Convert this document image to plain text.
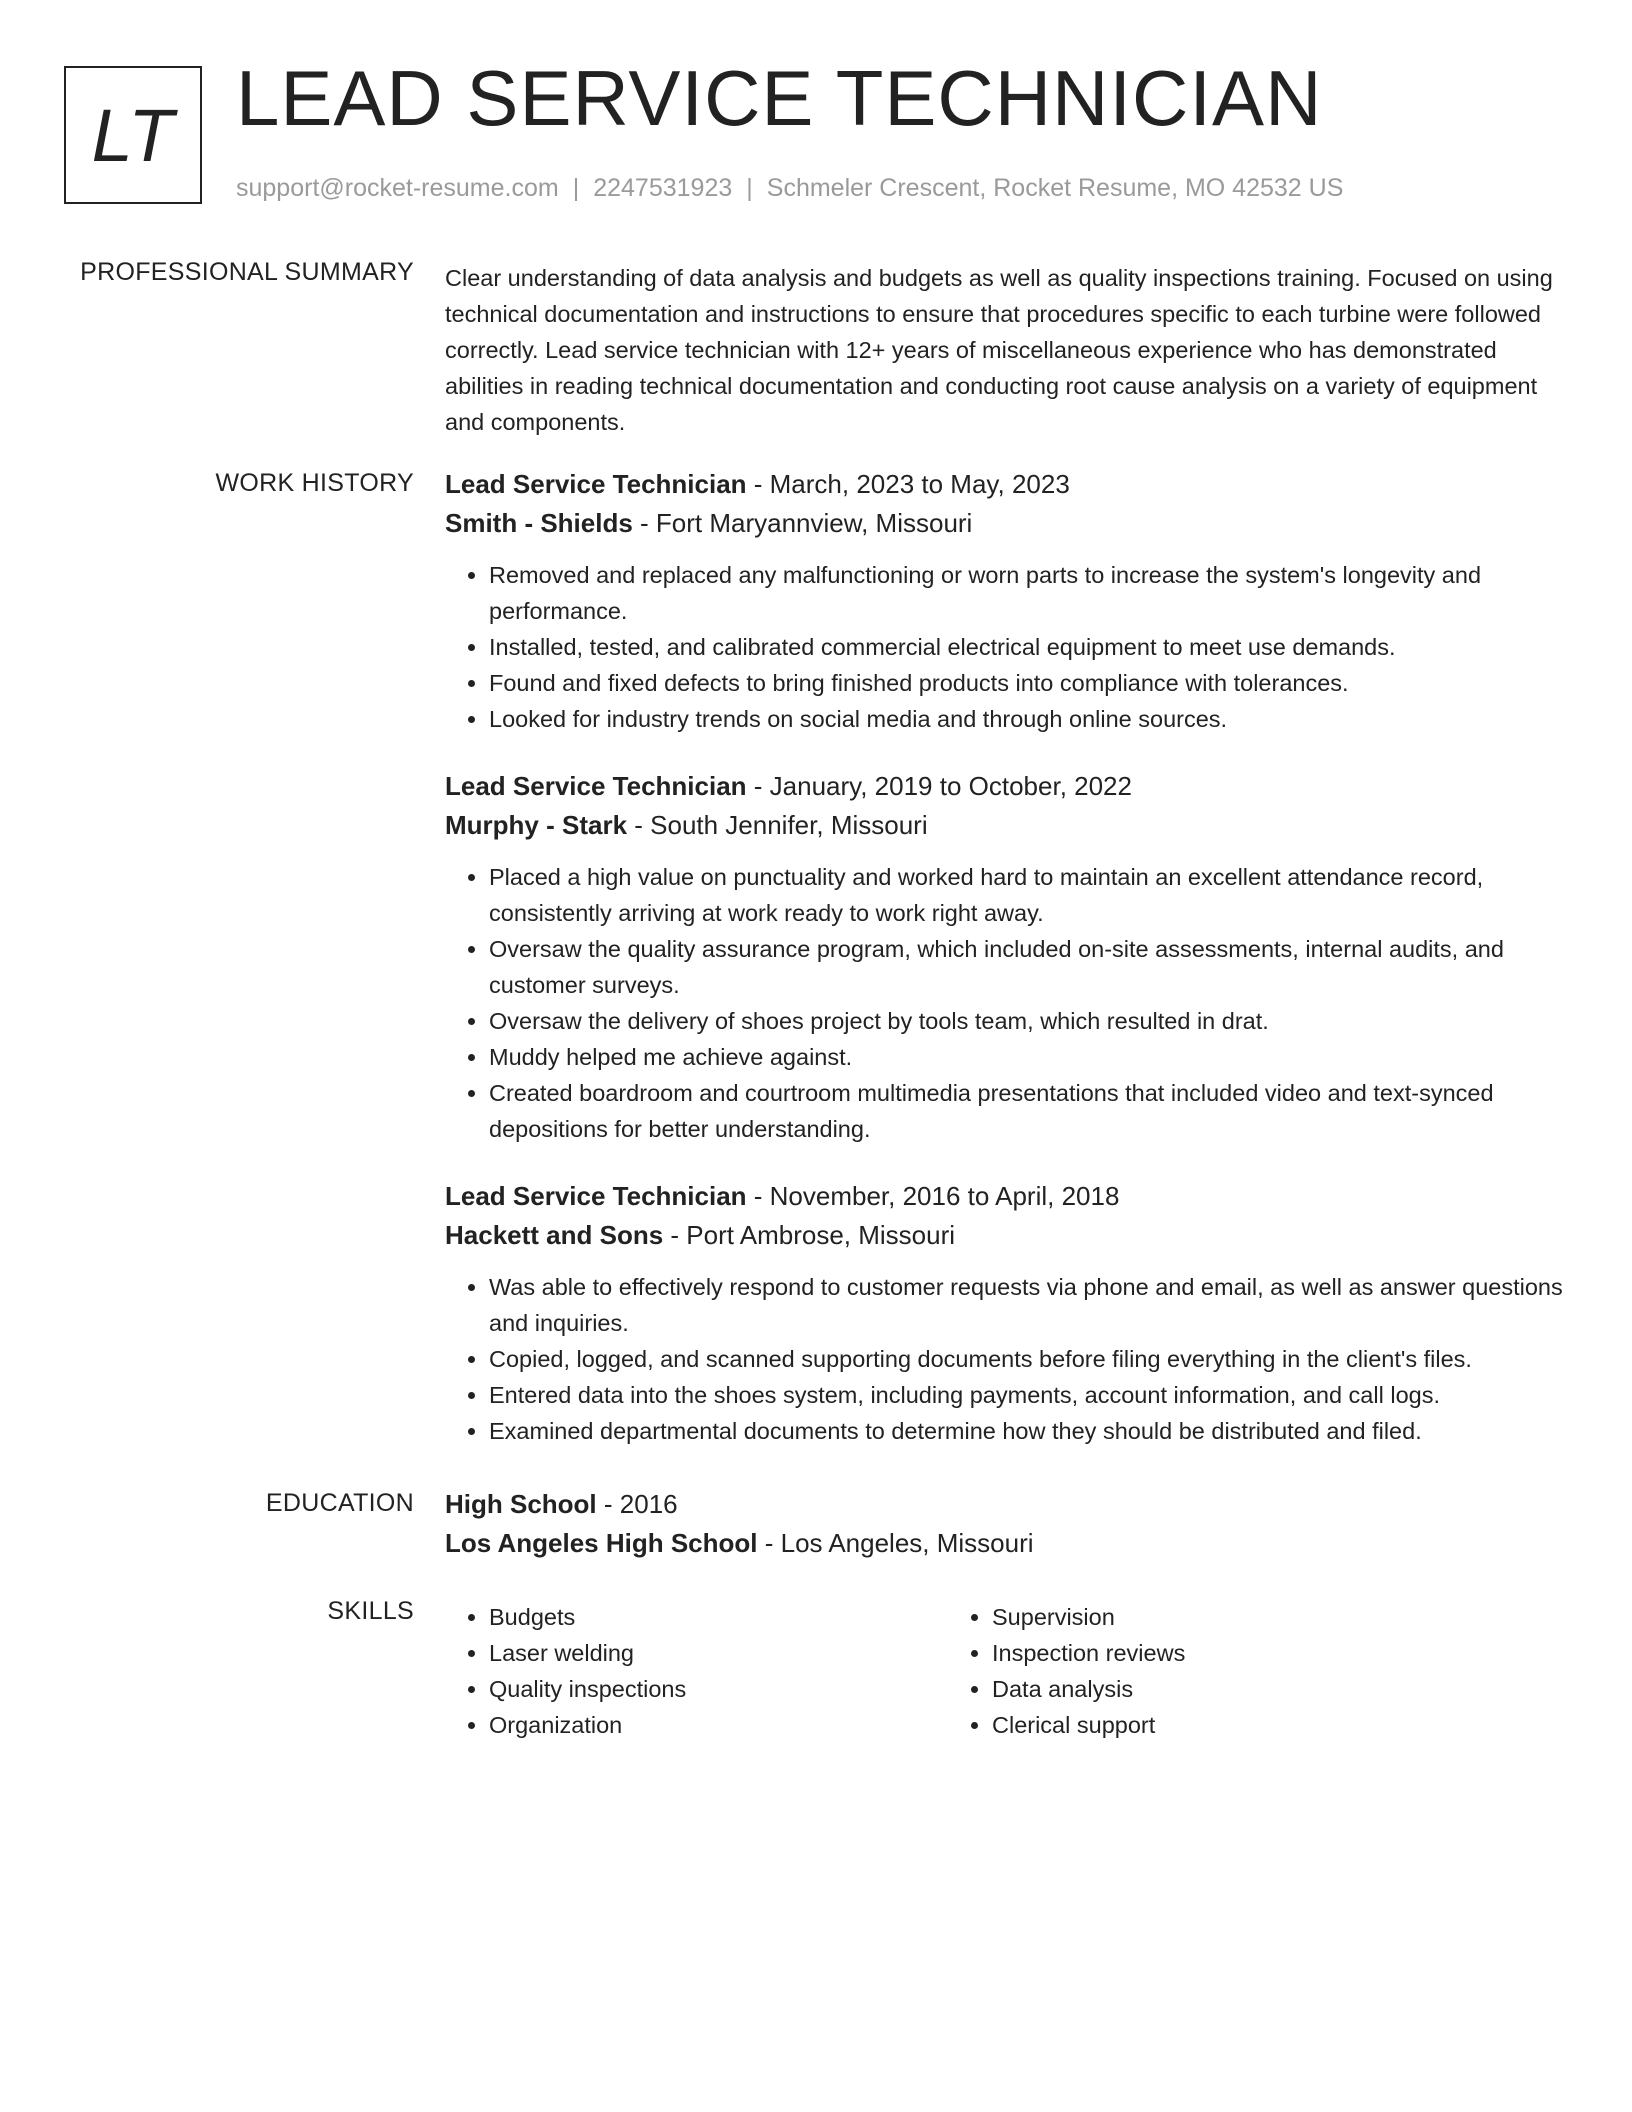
LT LEAD SERVICE TECHNICIAN
support@rocket-resume.com | 2247531923 | Schmeler Crescent, Rocket Resume, MO 42532 US
PROFESSIONAL SUMMARY Clear understanding of data analysis and budgets as well as quality inspections training. Focused on using technical documentation and instructions to ensure that procedures specific to each turbine were followed correctly. Lead service technician with 12+ years of miscellaneous experience who has demonstrated abilities in reading technical documentation and conducting root cause analysis on a variety of equipment and components.

WORK HISTORY Lead Service Technician - March, 2023 to May, 2023
Smith - Shields - Fort Maryannview, Missouri
• Removed and replaced any malfunctioning or worn parts to increase the system's longevity and performance.
• Installed, tested, and calibrated commercial electrical equipment to meet use demands.
• Found and fixed defects to bring finished products into compliance with tolerances.
• Looked for industry trends on social media and through online sources.
Lead Service Technician - January, 2019 to October, 2022
Murphy - Stark - South Jennifer, Missouri
• Placed a high value on punctuality and worked hard to maintain an excellent attendance record, consistently arriving at work ready to work right away.
• Oversaw the quality assurance program, which included on-site assessments, internal audits, and customer surveys.
• Oversaw the delivery of shoes project by tools team, which resulted in drat.
• Muddy helped me achieve against.
• Created boardroom and courtroom multimedia presentations that included video and text-synced depositions for better understanding.
Lead Service Technician - November, 2016 to April, 2018
Hackett and Sons - Port Ambrose, Missouri
• Was able to effectively respond to customer requests via phone and email, as well as answer questions and inquiries.
• Copied, logged, and scanned supporting documents before filing everything in the client's files.
• Entered data into the shoes system, including payments, account information, and call logs.
• Examined departmental documents to determine how they should be distributed and filed.
EDUCATION High School - 2016
Los Angeles High School - Los Angeles, Missouri
SKILLS
•	Budgets
• Laser welding
• Quality inspections
• Organization
• Supervision
• Inspection reviews
• Data analysis
• Clerical support
